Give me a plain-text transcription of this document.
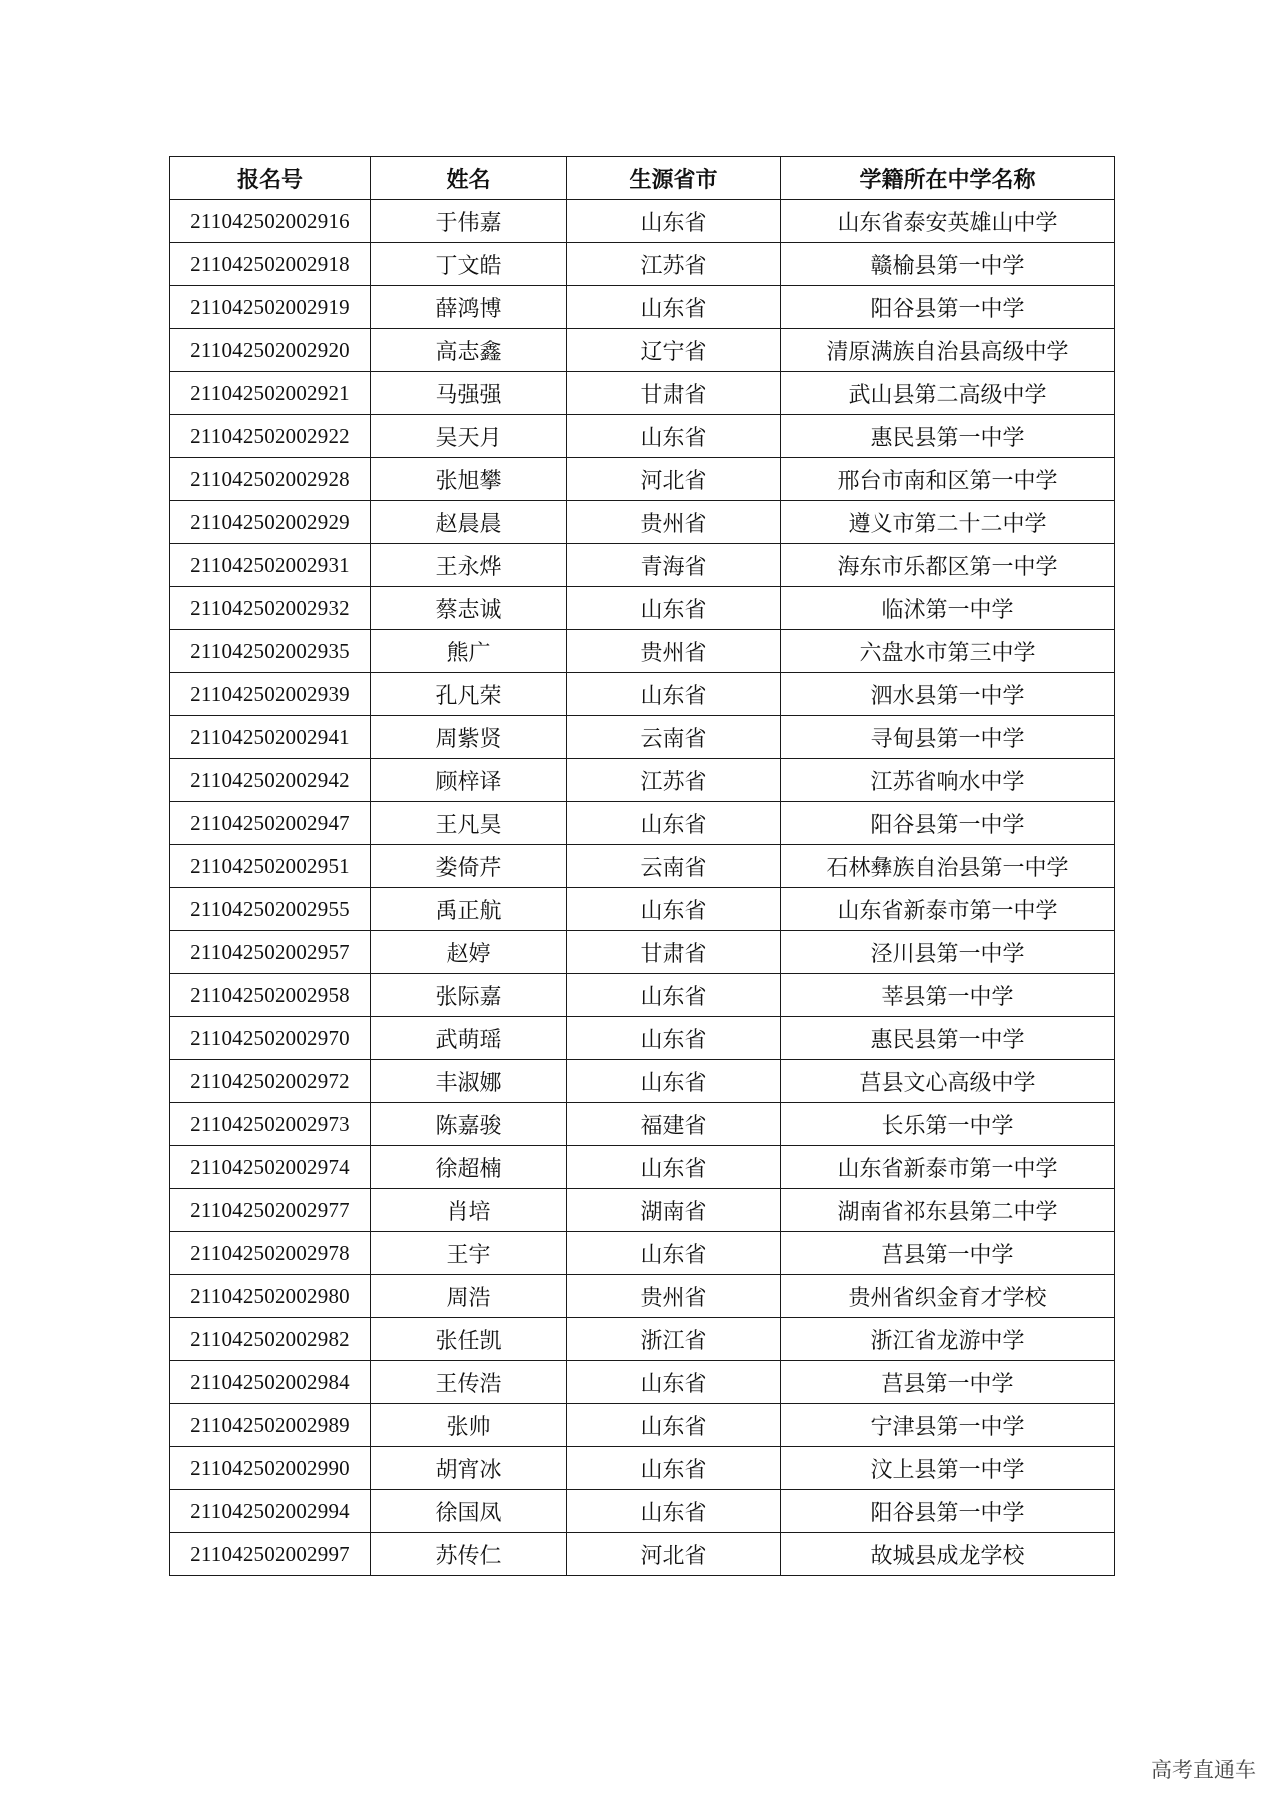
报名号	姓名	生源省市	学籍所在中学名称
211042502002916	于伟嘉	山东省	山东省泰安英雄山中学
211042502002918	丁文皓	江苏省	赣榆县第一中学
211042502002919	薛鸿博	山东省	阳谷县第一中学
211042502002920	高志鑫	辽宁省	清原满族自治县高级中学
211042502002921	马强强	甘肃省	武山县第二高级中学
211042502002922	吴天月	山东省	惠民县第一中学
211042502002928	张旭攀	河北省	邢台市南和区第一中学
211042502002929	赵晨晨	贵州省	遵义市第二十二中学
211042502002931	王永烨	青海省	海东市乐都区第一中学
211042502002932	蔡志诚	山东省	临沭第一中学
211042502002935	熊广	贵州省	六盘水市第三中学
211042502002939	孔凡荣	山东省	泗水县第一中学
211042502002941	周紫贤	云南省	寻甸县第一中学
211042502002942	顾梓译	江苏省	江苏省响水中学
211042502002947	王凡昊	山东省	阳谷县第一中学
211042502002951	娄倚芹	云南省	石林彝族自治县第一中学
211042502002955	禹正航	山东省	山东省新泰市第一中学
211042502002957	赵婷	甘肃省	泾川县第一中学
211042502002958	张际嘉	山东省	莘县第一中学
211042502002970	武萌瑶	山东省	惠民县第一中学
211042502002972	丰淑娜	山东省	莒县文心高级中学
211042502002973	陈嘉骏	福建省	长乐第一中学
211042502002974	徐超楠	山东省	山东省新泰市第一中学
211042502002977	肖培	湖南省	湖南省祁东县第二中学
211042502002978	王宇	山东省	莒县第一中学
211042502002980	周浩	贵州省	贵州省织金育才学校
211042502002982	张任凯	浙江省	浙江省龙游中学
211042502002984	王传浩	山东省	莒县第一中学
211042502002989	张帅	山东省	宁津县第一中学
211042502002990	胡宵冰	山东省	汶上县第一中学
211042502002994	徐国凤	山东省	阳谷县第一中学
211042502002997	苏传仁	河北省	故城县成龙学校
高考直通车
